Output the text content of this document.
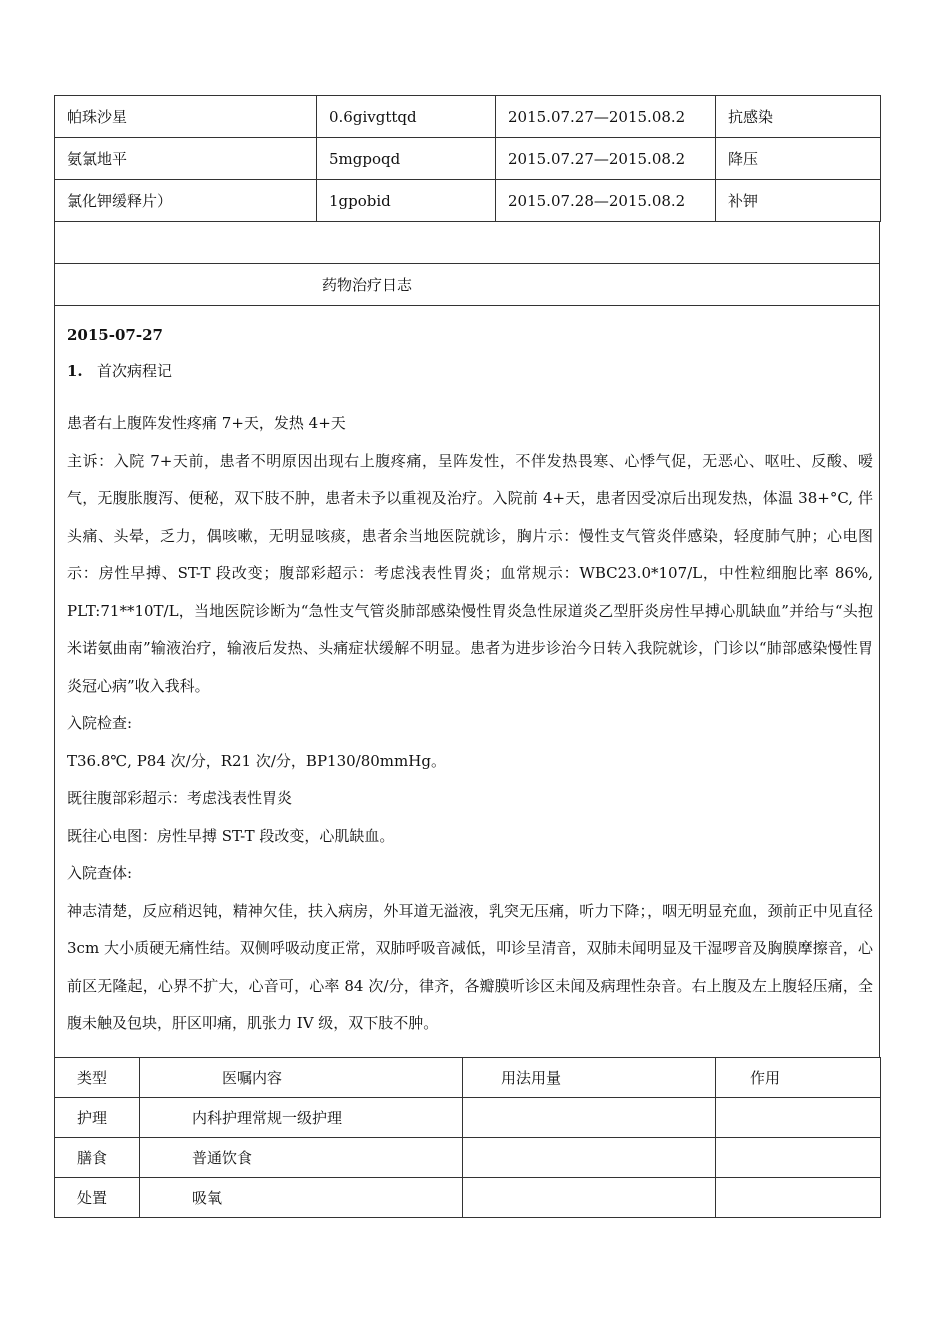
帕珠沙星	0.6givgttqd	2015.07.27—2015.08.2	抗感染
氨氯地平	5mgpoqd	2015.07.27—2015.08.2	降压
氯化钾缓释片）	1gpobid	2015.07.28—2015.08.2	补钾

药物治疗日志

2015-07-27

1. 首次病程记

患者右上腹阵发性疼痛 7+天，发热 4+天

主诉：入院 7+天前，患者不明原因出现右上腹疼痛，呈阵发性，不伴发热畏寒、心悸气促，无恶心、呕吐、反酸、嗳气，无腹胀腹泻、便秘，双下肢不肿，患者未予以重视及治疗。入院前 4+天，患者因受凉后出现发热，体温 38+°C, 伴头痛、头晕，乏力，偶咳嗽，无明显咳痰，患者余当地医院就诊，胸片示：慢性支气管炎伴感染，轻度肺气肿；心电图示：房性早搏、ST-T 段改变；腹部彩超示：考虑浅表性胃炎；血常规示：WBC23.0*107/L，中性粒细胞比率 86%, PLT:71**10T/L，当地医院诊断为“急性支气管炎肺部感染慢性胃炎急性尿道炎乙型肝炎房性早搏心肌缺血”并给与“头抱米诺氨曲南”输液治疗，输液后发热、头痛症状缓解不明显。患者为进步诊治今日转入我院就诊，门诊以“肺部感染慢性胃炎冠心病”收入我科。

入院检查:

T36.8℃, P84 次/分，R21 次/分，BP130/80mmHg。

既往腹部彩超示：考虑浅表性胃炎

既往心电图：房性早搏 ST-T 段改变，心肌缺血。

入院查体:

神志清楚，反应稍迟钝，精神欠佳，扶入病房，外耳道无溢液，乳突无压痛，听力下降；，咽无明显充血，颈前正中见直径 3cm 大小质硬无痛性结。双侧呼吸动度正常，双肺呼吸音减低，叩诊呈清音，双肺未闻明显及干湿啰音及胸膜摩擦音，心前区无隆起，心界不扩大，心音可，心率 84 次/分，律齐，各瓣膜听诊区未闻及病理性杂音。右上腹及左上腹轻压痛，全腹未触及包块，肝区叩痛，肌张力 IV 级，双下肢不肿。

类型	医嘱内容	用法用量	作用
护理	内科护理常规一级护理		
膳食	普通饮食		
处置	吸氧		
